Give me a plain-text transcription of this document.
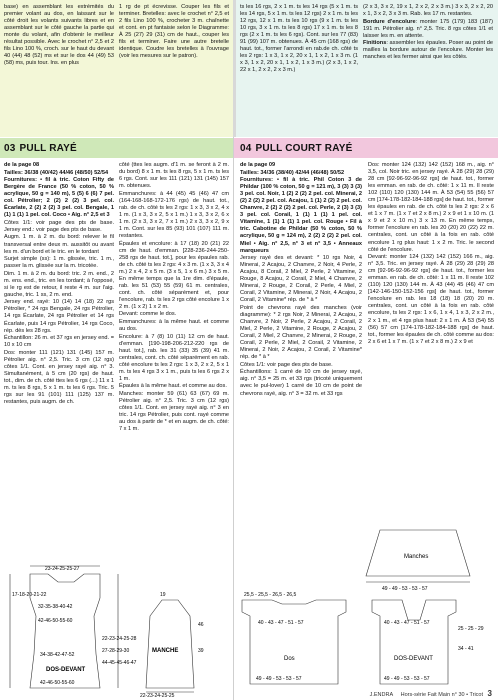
base) en assemblant les extrémités du premier volant au dos, en laissant sur le côté droit les volants suivants libres et en assemblant sur le côté gauche la partie qui monte du volant, afin d'obtenir le meilleur résultat possible. Avec le crochet n° 2,5 et 2 fils Lino 100 %, croch. sur le haut du devant 40 (44) 48 (52) ms et sur le dos 44 (49) 53 (58) ms, puis tour. Ins. en plus

1 rg de pt écrevisse. Couper les fils et terminer. Bretelles: avec le crochet n° 2,5 et 2 fils Lino 100 %, crocheter 3 m. chaînette et cont. en pt fantaisie selon le Diagramme: À 25 (27) 29 (31) cm de haut., couper les fils et terminer. Faire une autre bretelle identique. Coudre les bretelles à l'ouvrage (voir les mesures sur le patron).

ts les 16 rgs, 2 x 1 m. ts les 14 rgs (5 x 1 m. ts les 14 rgs, 5 x 1 m. ts les 12 rgs) 2 x 1 m. ts les 12 rgs, 12 x 1 m. ts les 10 rgs (9 x 1 m. ts les 10 rgs, 3 x 1 m. ts les 8 rgs) 17 x 1 m. ts les 8 rgs (2 x 1 m. ts les 6 rgs). Cont. sur les 77 (83) 91 (99) 107 m. obtenues. À 45 cm (168 rgs) de haut. tot., former l'arrondi en rab.de ch. côté ts les 2 rgs: 1 x 3, 1 x 2, 20 x 1, 1 x 2, 1 x 3 m. (1 x 3, 1 x 2, 20 x 1, 1 x 2, 1 x 3 m.) (2 x 3, 1 x 2, 22 x 1, 2 x 2, 2 x 3 m.)

(2 x 3, 3 x 2, 19 x 1, 2 x 2, 2 x 3 m.) 3 x 3, 2 x 2, 20 x 1, 3 x 2, 3 x 3 m. Rab. les 17 m. restantes.

Bordure d'encolure: monter 175 (179) 183 (187) 191 m. Pétrolier aig. n° 2,5. Tric. 8 rgs côtes 1/1 et laisser les m. en attente.

Finitions: assembler les épaules. Poser au point de mailles la bordure autour de l'encolure. Monter les manches et les fermer ainsi que les côtés.

03 PULL RAYÉ	04 PULL COURT RAYÉ

de la page 08

Tailles: 36/38 (40/42) 44/46 (48/50) 52/54

Fournitures: • fil à tric. Coton Fifty de Bergère de France (50 % coton, 50 % acrylique, 50 g = 140 m), 5 (5) 6 (6) 7 pel. col. Pétrolier; 2 (2) 2 (2) 3 pel. col. Écarlate, 2 (2) 2 (2) 3 pel. col. Bengale, 1 (1) 1 (1) 1 pel. col. Coco • Aig. n° 2,5 et 3

Côtes 1/1: voir page des pts de base. Jersey end.: voir page des pts de base.

Augm. 1 m. à 2 m. du bord: relever le fil transversal entre deux m. aussitôt ou avant les m. d'un bord et le tric. en le tordant

Surjet simple (ss): 1 m. glissée, tric. 1 m., passer la m. glissée sur la m. tricotée.

Dim. 1 m. à 2 m. du bord: tric. 2 m. end., 2 m. ens. end., tric. en les tordant; à l'opposé, si le rg est de retour, il reste 4 m. sur l'aig. gauche, tric. 1 ss, 2 m. end.

Jersey end. rayé: 10 (14) 14 (18) 22 rgs Pétrolier, * 24 rgs Bengale, 24 rgs Pétrolier, 14 rgs Écarlate, 24 rgs Pétrolier et 14 rgs Écarlate, puis 14 rgs Pétrolier, 14 rgs Coco, rép. dès les 28 rgs.

Échantillon: 26 m. et 37 rgs en jersey end. = 10 x 10 cm

Dos: monter 111 (121) 131 (145) 157 m. Pétrolier aig. n° 2,5. Tric. 3 cm (12 rgs) côtes 1/1. Cont. en jersey rayé aig. n° 3. Simultanément, à 5 cm (20 rgs) de haut. tot., dim. de ch. côté ttes les 6 rgs (...) 11 x 1 m. ts les 8 rgs, 5 x 1 m. ts les 6 rgs. Tric. 5 rgs sur les 91 (101) 111 (125) 137 m. restantes, puis augm. de ch.

côté (ttes les augm. d'1 m. se feront à 2 m. du bord) 8 x 1 m. ts les 8 rgs, 5 x 1 m. ts les 6 rgs. Cont. sur les 111 (121) 131 (145) 157 m. obtenues.

Emmanchures: à 44 (45) 45 (46) 47 cm (164-168-168-172-176 rgs) de haut. tot., rab. de ch. côté ts les 2 rgs: 1 x 3, 3 x 2, 4 x 1 m. (1 x 3, 3 x 2, 5 x 1 m.) 1 x 3, 3 x 2, 6 x 1 m. (2 x 3, 3 x 2, 7 x 1 m.) 2 x 3, 3 x 2, 9 x 1 m. Cont. sur les 85 (93) 101 (107) 111 m. restantes.

Épaules et encolure: à 17 (18) 20 (21) 22 cm de haut. d'emman. [228-236-244-250-258 rgs de haut. tot.], pour les épaules rab. de ch. côté ts les 2 rgs: 4 x 3 m. (1 x 3, 3 x 4 m.) 2 x 4, 2 x 5 m. (3 x 5, 1 x 6 m.) 3 x 5 m. En même temps que la 1re dim. d'épaule, rab. les 51 (53) 55 (59) 61 m. centrales, cont. ch. côté séparément et, pour l'encolure, rab. ts les 2 rgs côté encolure 1 x 2 m. (1 x 2) 1 x 2 m.

Devant: comme le dos.

Emmanchures: à la même haut. et comme au dos.

Encolure: à 7 (8) 10 (11) 12 cm de haut. d'emman. [190-198-206-212-220 rgs de haut. tot.], rab. les 31 (33) 35 (39) 41 m. centrales, cont. ch. côté séparément en rab. côté encolure ts les 2 rgs: 1 x 3, 2 x 2, 5 x 1 m. ts les 4 rgs 3 x 1 m., puis ts les 6 rgs 2 x 1 m.

Épaules à la même haut. et comme au dos.

Manches: monter 59 (61) 63 (67) 69 m. Pétrolier aig. n° 2,5. Tric. 3 cm (12 rgs) côtes 1/1. Cont. en jersey rayé aig. n° 3 en tric. 14 rgs Pétrolier, puis cont. rayé comme au dos à partir de * et en augm. de ch. côté: 7 x 1 m.

de la page 09

Tailles: 34/36 (38/40) 42/44 (46/48) 50/52

Fournitures: • fil à tric. Phil Coton 3 de Phildar (100 % coton, 50 g = 121 m), 3 (3) 3 (3) 3 pel. col. Noir, 1 (2) 2 (2) 2 pel. col. Minerai, 2 (2) 2 (2) 2 pel. col. Acajou, 1 (1) 2 (2) 2 pel. col. Chanvre, 2 (2) 2 (2) 2 pel. col. Perle, 2 (3) 3 (3) 3 pel. col. Corail, 1 (1) 1 (1) 1 pel. col. Vitamine, 1 (1) 1 (1) 1 pel. col. Rouge • Fil à tric. Cabotine de Phildar (50 % coton, 50 % acrylique, 50 g = 124 m), 2 (2) 2 (2) 2 pel. col. Miel • Aig. n° 2,5, n° 3 et n° 3,5 • Anneaux marqueurs

Jersey rayé des et devant: * 10 rgs Noir, 4 Minerai, 2 Acajou, 2 Chanvre, 2 Noir, 4 Perle, 2 Acajou, 8 Corail, 2 Miel, 2 Perle, 2 Vitamine, 2 Rouge, 8 Acajou, 2 Corail, 2 Miel, 4 Chanvre, 2 Minerai, 2 Rouge, 2 Corail, 2 Perle, 4 Miel, 2 Corail, 2 Vitamine, 2 Minerai, 2 Noir, 4 Acajou, 2 Corail, 2 Vitamine* rép. de * à *

Point de chevrons rayé des manches (voir diagramme): * 2 rgs Noir, 2 Minerai, 2 Acajou, 2 Chanvre, 2 Noir, 2 Perle, 2 Acajou, 2 Corail, 2 Miel, 2 Perle, 2 Vitamine, 2 Rouge, 2 Acajou, 2 Corail, 2 Miel, 2 Chanvre, 2 Minerai, 2 Rouge, 2 Corail, 2 Perle, 2 Miel, 2 Corail, 2 Vitamine, 2 Minerai, 2 Noir, 2 Acajou, 2 Corail, 2 Vitamine* rép. de * à *

Côtes 1/1: voir page des pts de base.

Échantillons: 1 carré de 10 cm de jersey rayé, aig. n° 3,5 = 25 m. et 33 rgs (tricoté uniquement avec le pul-lover) 1 carré de 10 cm de point de chevrons rayé, aig. n° 3 = 32 m. et 33 rgs

Dos: monter 124 (132) 142 (152) 168 m., aig. n° 3,5, col. Noir tric. en jersey rayé. À 28 (29) 28 (29) 28 cm [92-96-92-96-92 rgs] de haut. tot., former les emman. en rab. de ch. côté: 1 x 11 m. Il reste 102 (110) 120 (130) 144 m. À 53 (54) 55 (56) 57 cm [174-178-182-184-188 rgs] de haut. tot., former les épaules en rab. de ch. côté ts les 2 rgs: 2 x 6 et 1 x 7 m. (1 x 7 et 2 x 8 m.) 2 x 9 et 1 x 10 m. (1 x 9 et 2 x 10 m.) 3 x 13 m. En même temps, former l'encolure en rab. les 20 (20) 20 (22) 22 m. centrales, cont. un côté à la fois en rab. côté encolure 1 rg plus haut: 1 x 2 m. Tric. le second côté de l'encolure.

Devant: monter 124 (132) 142 (152) 166 m., aig. n° 3,5. Tric. en jersey rayé. À 28 (29) 28 (29) 28 cm [92-96-92-96-92 rgs] de haut. tot., former les emman. en rab. de ch. côté: 1 x 11 m. Il reste 102 (110) 120 (130) 144 m. À 43 (44) 45 (46) 47 cm [142-146-150-152-156 rgs] de haut. tot., former l'encolure en rab. les 18 (18) 18 (20) 20 m. centrales, cont. un côté à la fois en rab. côté encolure, ts les 2 rgs: 1 x 6, 1 x 4, 1 x 3, 2 x 2 m., 2 x 1 m., et 4 rgs plus haut: 2 x 1 m. À 53 (54) 55 (56) 57 cm [174-178-182-184-188 rgs] de haut. tot., former les épaules de ch. côté comme au dos: 2 x 6 et 1 x 7 m. (1 x 7 et 2 x 8 m.) 2 x 9 et

23-24-25-25-27
17-18-20-21-22
32-35-38-40-42
42-46-50-55-60
34-38-42-47-52
42-46-50-55-60
22-23-24-25-28
27-28-29-30
44-45-45-46-47
DOS-DEVANT
19
MANCHE
22-23-24-25-25
39
46
Manches
49 - 49 - 53 - 53 - 57
25,5 - 25,5 - 26,5 - 26,5
40 - 43 - 47 - 51 - 57
Dos
49 - 49 - 53 - 53 - 57
40 - 43 - 47 - 51 - 57
DOS-DEVANT
49 - 49 - 53 - 53 - 57
25 - 25 - 29
34 - 41
J.ENDRA Hors-série Fait Main n° 30 • Tricot 3
